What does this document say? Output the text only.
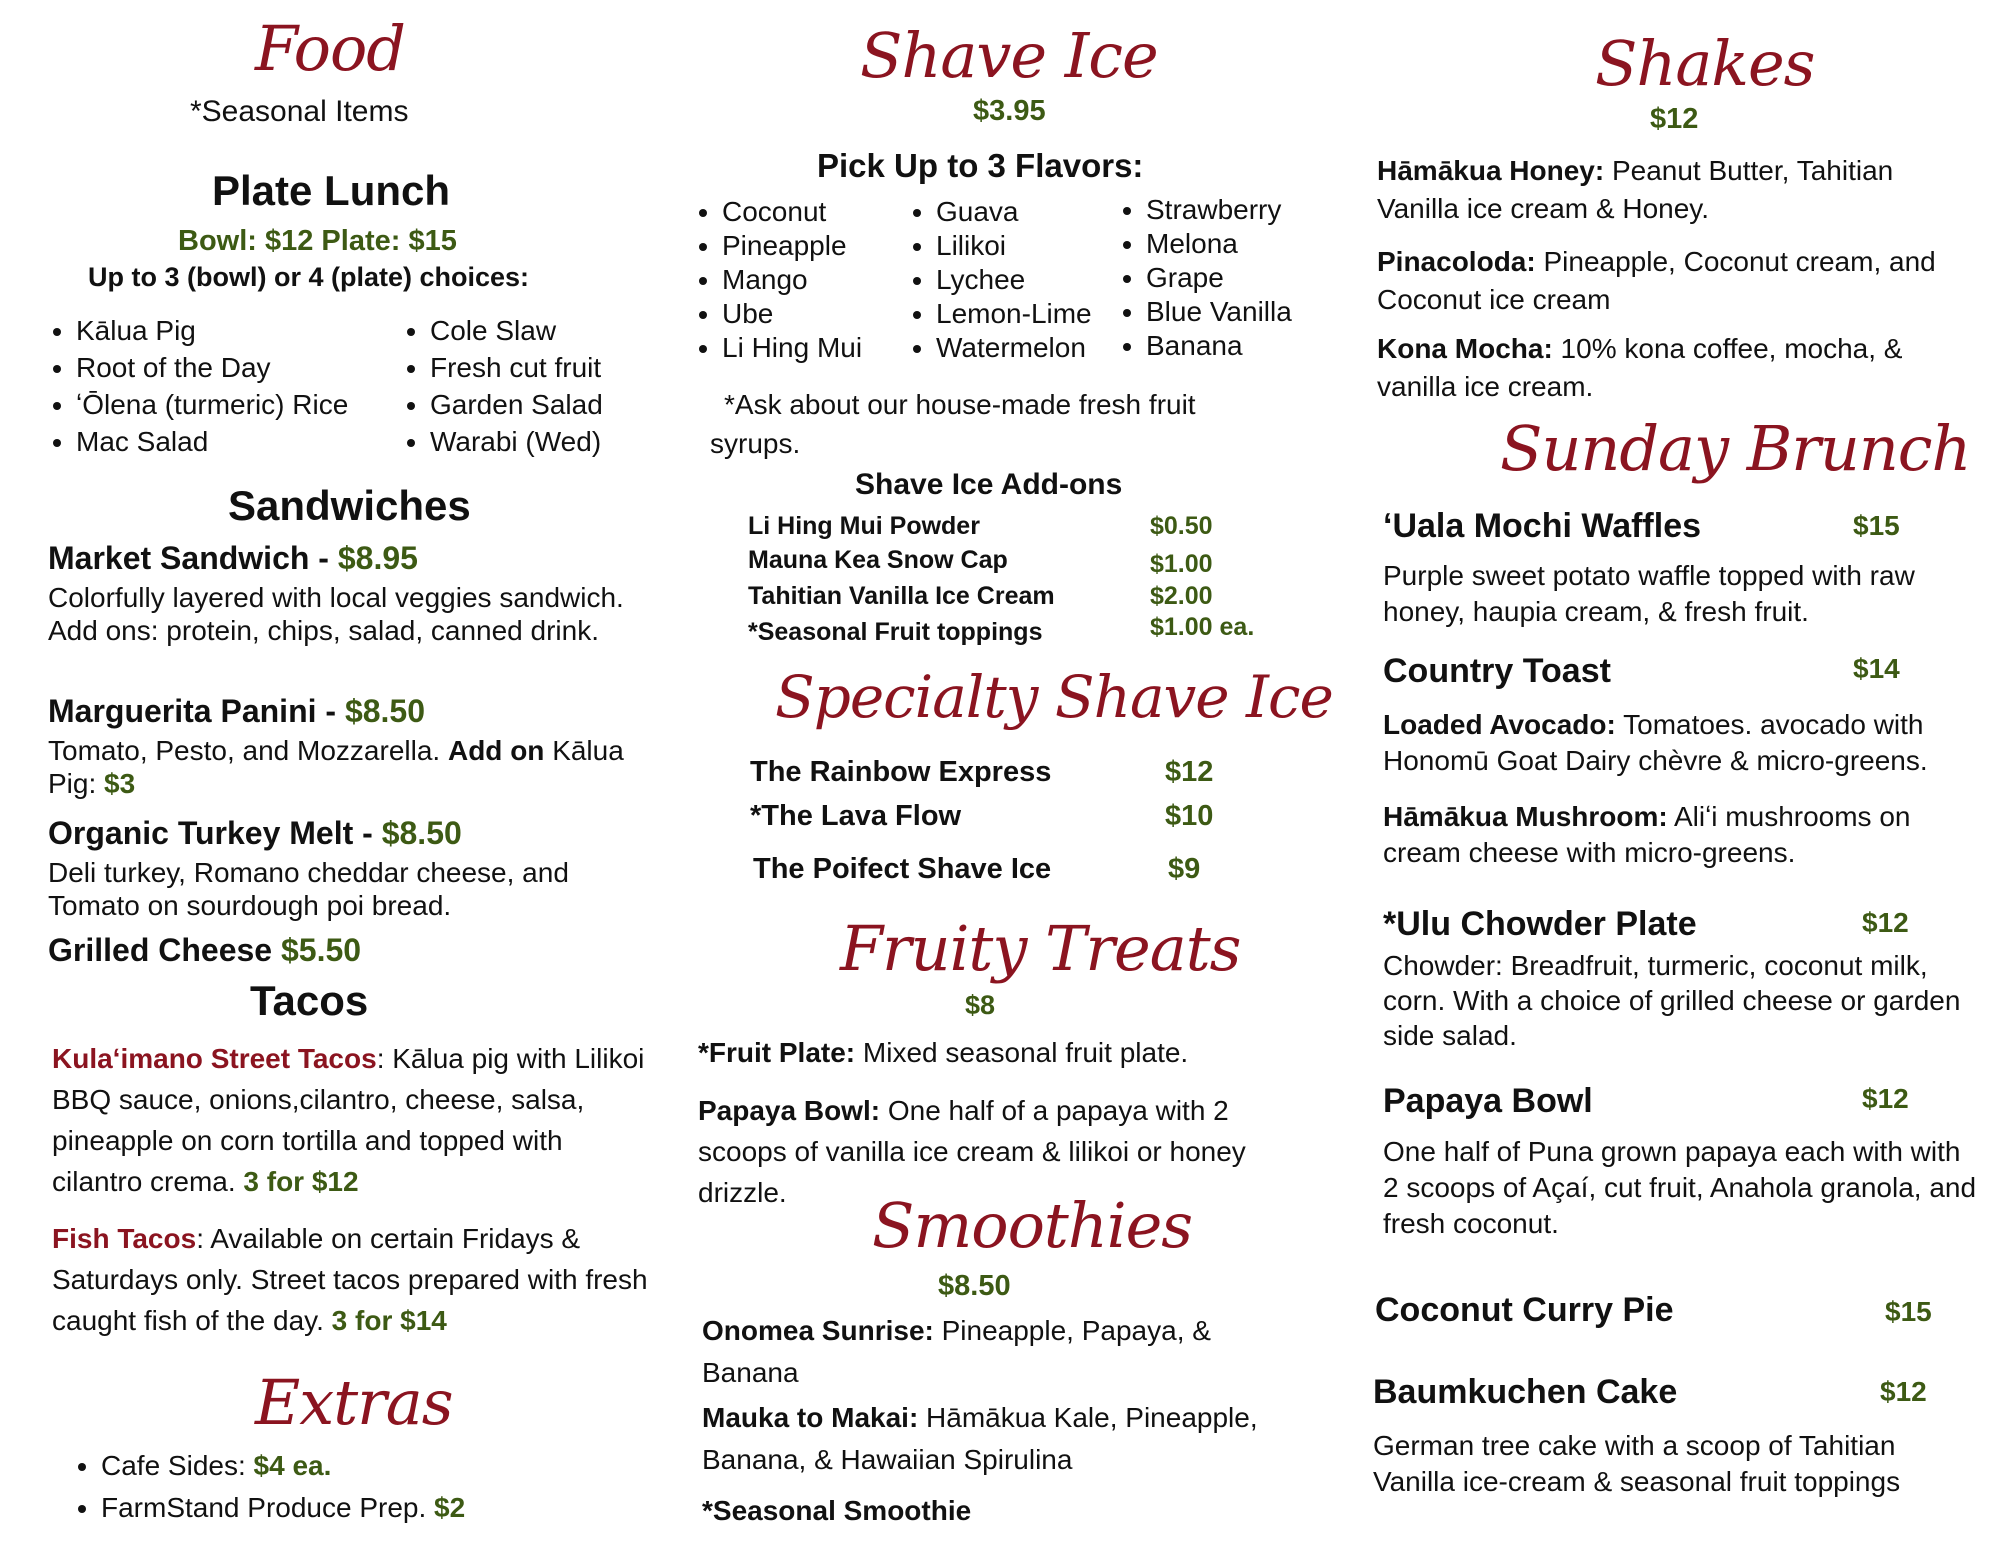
Food
*Seasonal Items
Plate Lunch
Bowl: $12 Plate: $15
Up to 3 (bowl) or 4 (plate) choices:
• Kālua Pig
• Root of the Day
• ʻŌlena (turmeric) Rice
• Mac Salad
• Cole Slaw
• Fresh cut fruit
• Garden Salad
• Warabi (Wed)
Sandwiches
Market Sandwich - $8.95
Colorfully layered with local veggies sandwich. Add ons: protein, chips, salad, canned drink.
Marguerita Panini - $8.50
Tomato, Pesto, and Mozzarella. Add on Kālua Pig: $3
Organic Turkey Melt - $8.50
Deli turkey, Romano cheddar cheese, and Tomato on sourdough poi bread.
Grilled Cheese $5.50
Tacos
Kulaʻimano Street Tacos: Kālua pig with Lilikoi BBQ sauce, onions,cilantro, cheese, salsa, pineapple on corn tortilla and topped with cilantro crema. 3 for $12
Fish Tacos: Available on certain Fridays & Saturdays only. Street tacos prepared with fresh caught fish of the day. 3 for $14
Extras
• Cafe Sides: $4 ea.
• FarmStand Produce Prep. $2
Shave Ice
$3.95
Pick Up to 3 Flavors:
• Coconut
• Pineapple
• Mango
• Ube
• Li Hing Mui
• Guava
• Lilikoi
• Lychee
• Lemon-Lime
• Watermelon
• Strawberry
• Melona
• Grape
• Blue Vanilla
• Banana
*Ask about our house-made fresh fruit syrups.
Shave Ice Add-ons
Li Hing Mui Powder	$0.50
Mauna Kea Snow Cap	$1.00
Tahitian Vanilla Ice Cream	$2.00
*Seasonal Fruit toppings	$1.00 ea.
Specialty Shave Ice
The Rainbow Express	$12
*The Lava Flow	$10
The Poifect Shave Ice	$9
Fruity Treats
$8
*Fruit Plate: Mixed seasonal fruit plate.
Papaya Bowl: One half of a papaya with 2 scoops of vanilla ice cream & lilikoi or honey drizzle.	Smoothies
$8.50
Onomea Sunrise: Pineapple, Papaya, & Banana
Mauka to Makai: Hāmākua Kale, Pineapple, Banana, & Hawaiian Spirulina
*Seasonal Smoothie
Shakes
$12
Hāmākua Honey: Peanut Butter, Tahitian Vanilla ice cream & Honey.
Pinacoloda: Pineapple, Coconut cream, and Coconut ice cream
Kona Mocha: 10% kona coffee, mocha, & vanilla ice cream.
Sunday Brunch
ʻUala Mochi Waffles	$15
Purple sweet potato waffle topped with raw honey, haupia cream, & fresh fruit.
Country Toast	$14
Loaded Avocado: Tomatoes. avocado with Honomū Goat Dairy chèvre & micro-greens.
Hāmākua Mushroom: Aliʻi mushrooms on cream cheese with micro-greens.
*Ulu Chowder Plate	$12
Chowder: Breadfruit, turmeric, coconut milk, corn. With a choice of grilled cheese or garden side salad.
Papaya Bowl	$12
One half of Puna grown papaya each with with 2 scoops of Açaí, cut fruit, Anahola granola, and fresh coconut.
Coconut Curry Pie	$15
Baumkuchen Cake	$12
German tree cake with a scoop of Tahitian Vanilla ice-cream & seasonal fruit toppings
